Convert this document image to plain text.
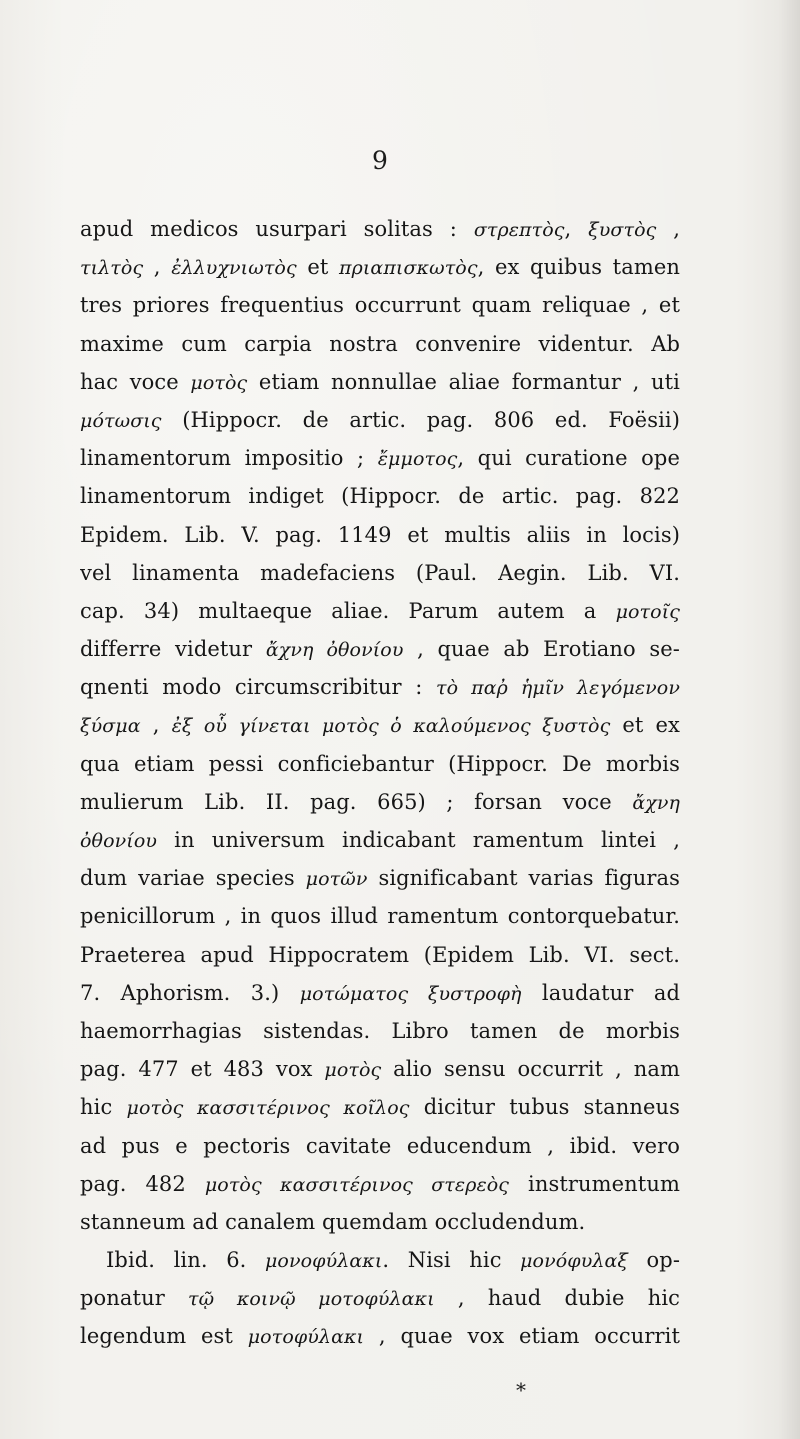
9
apud medicos usurpari solitas : στρεπτὸς, ξυστὸς ,
τιλτὸς , ἐλλυχνιωτὸς et πριαπισκωτὸς, ex quibus tamen
tres priores frequentius occurrunt quam reliquae , et
maxime cum carpia nostra convenire videntur. Ab
hac voce μοτὸς etiam nonnullae aliae formantur , uti
μότωσις (Hippocr. de artic. pag. 806 ed. Foësii)
linamentorum impositio ; ἔμμοτος, qui curatione ope
linamentorum indiget (Hippocr. de artic. pag. 822
Epidem. Lib. V. pag. 1149 et multis aliis in locis)
vel linamenta madefaciens (Paul. Aegin. Lib. VI.
cap. 34) multaeque aliae. Parum autem a μοτοῖς
differre videtur ἄχνη ὀθονίου , quae ab Erotiano se-
qnenti modo circumscribitur : τὸ παῤ ἡμῖν λεγόμενον
ξύσμα , ἐξ οὗ γίνεται μοτὸς ὁ καλούμενος ξυστὸς et ex
qua etiam pessi conficiebantur (Hippocr. De morbis
mulierum Lib. II. pag. 665) ; forsan voce ἄχνη
ὀθονίου in universum indicabant ramentum lintei ,
dum variae species μοτῶν significabant varias figuras
penicillorum , in quos illud ramentum contorquebatur.
Praeterea apud Hippocratem (Epidem Lib. VI. sect.
7. Aphorism. 3.) μοτώματος ξυστροφὴ laudatur ad
haemorrhagias sistendas. Libro tamen de morbis
pag. 477 et 483 vox μοτὸς alio sensu occurrit , nam
hic μοτὸς κασσιτέρινος κοῖλος dicitur tubus stanneus
ad pus e pectoris cavitate educendum , ibid. vero
pag. 482 μοτὸς κασσιτέρινος στερεὸς instrumentum
stanneum ad canalem quemdam occludendum.
Ibid. lin. 6. μονοφύλακι. Nisi hic μονόφυλαξ op-
ponatur τῷ κοινῷ μοτοφύλακι , haud dubie hic
legendum est μοτοφύλακι , quae vox etiam occurrit
*
